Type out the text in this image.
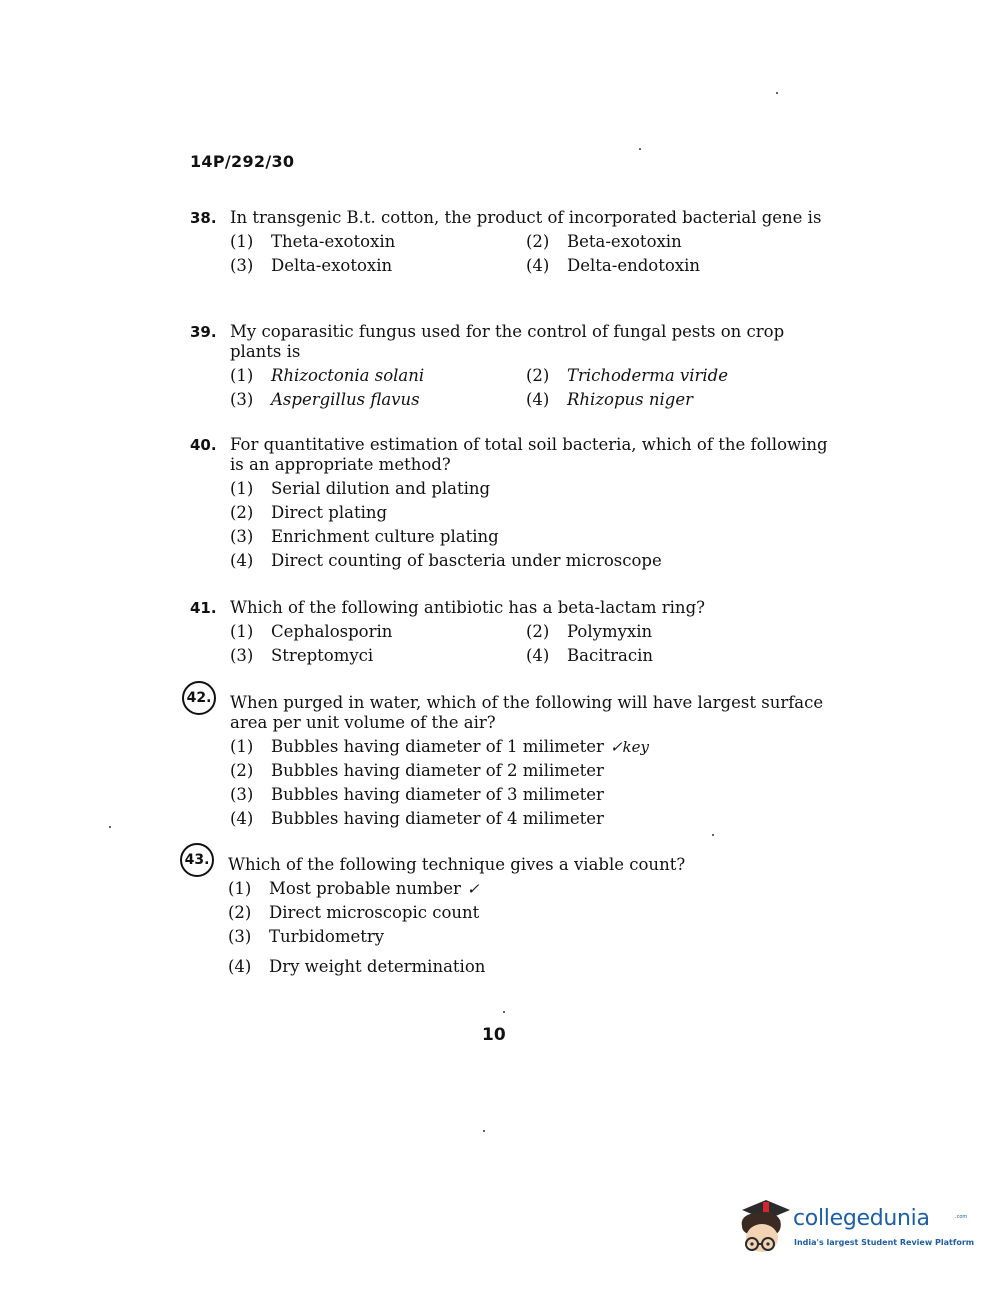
14P/292/30
38. In transgenic B.t. cotton, the product of incorporated bacterial gene is
(1)	Theta-exotoxin	(2)	Beta-exotoxin
(3)	Delta-exotoxin	(4)	Delta-endotoxin
39. My coparasitic fungus used for the control of fungal pests on crop plants is
(1)	Rhizoctonia solani	(2)	Trichoderma viride
(3)	Aspergillus flavus	(4)	Rhizopus niger
40. For quantitative estimation of total soil bacteria, which of the following is an appropriate method?
(1)	Serial dilution and plating
(2)	Direct plating
(3)	Enrichment culture plating
(4)	Direct counting of bascteria under microscope
41. Which of the following antibiotic has a beta-lactam ring?
(1)	Cephalosporin	(2)	Polymyxin
(3)	Streptomyci	(4)	Bacitracin
42. When purged in water, which of the following will have largest surface area per unit volume of the air?
(1)	Bubbles having diameter of 1 milimeter ✓key
(2)	Bubbles having diameter of 2 milimeter
(3)	Bubbles having diameter of 3 milimeter
(4)	Bubbles having diameter of 4 milimeter
43. Which of the following technique gives a viable count?
(1)	Most probable number ✓
(2)	Direct microscopic count
(3)	Turbidometry
(4)	Dry weight determination
10
collegedunia	.com
India's largest Student Review Platform
